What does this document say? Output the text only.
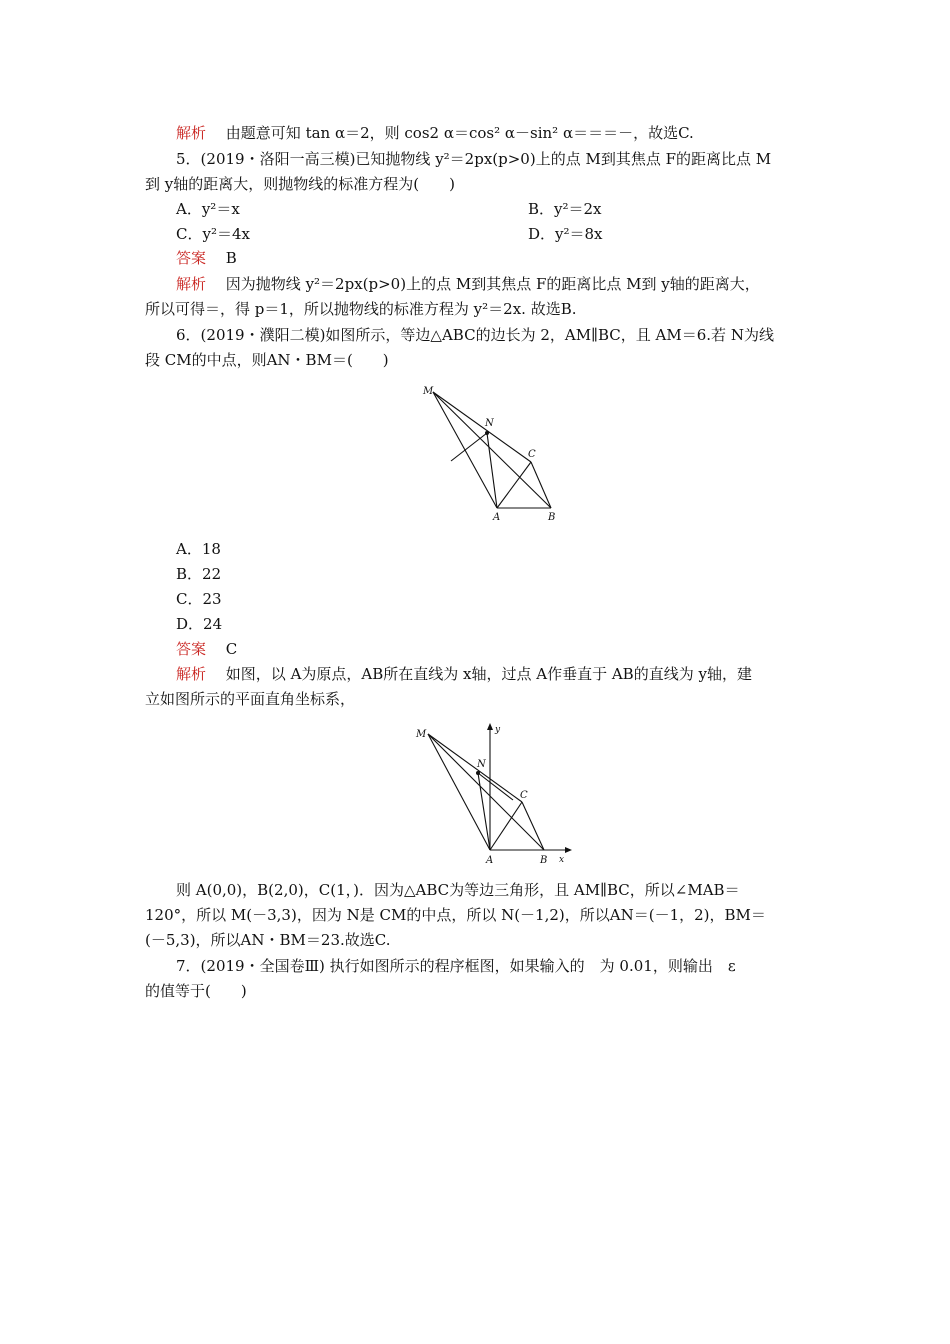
解析　 由题意可知 tan α＝2，则 cos2 α＝cos² α－sin² α＝＝＝－，故选C.
5．(2019・洛阳一高三模)已知抛物线 y²＝2px(p>0)上的点 M到其焦点 F的距离比点 M
到 y轴的距离大，则抛物线的标准方程为(　　)
A．y²＝x	B．y²＝2x
C．y²＝4x	D．y²＝8x
答案　 B
解析　 因为抛物线 y²＝2px(p>0)上的点 M到其焦点 F的距离比点 M到 y轴的距离大，
所以可得＝，得 p＝1，所以抛物线的标准方程为 y²＝2x. 故选B.
6．(2019・濮阳二模)如图所示，等边△ABC的边长为 2，AM∥BC，且 AM＝6.若 N为线
段 CM的中点，则AN・BM＝(　　)
M
N
C
A	B
A．18
B．22
C．23
D．24
答案　 C
解析　 如图，以 A为原点，AB所在直线为 x轴，过点 A作垂直于 AB的直线为 y轴，建
立如图所示的平面直角坐标系，
M
N
C
A	B x
y
则 A(0,0)，B(2,0)，C(1，)．因为△ABC为等边三角形，且 AM∥BC，所以∠MAB＝
120°，所以 M(－3,3)，因为 N是 CM的中点，所以 N(－1,2)，所以AN＝(－1，2)，BM＝
(－5,3)，所以AN・BM＝23.故选C.
7．(2019・全国卷Ⅲ) 执行如图所示的程序框图，如果输入的　为 0.01，则输出　ε
的值等于(　　)
